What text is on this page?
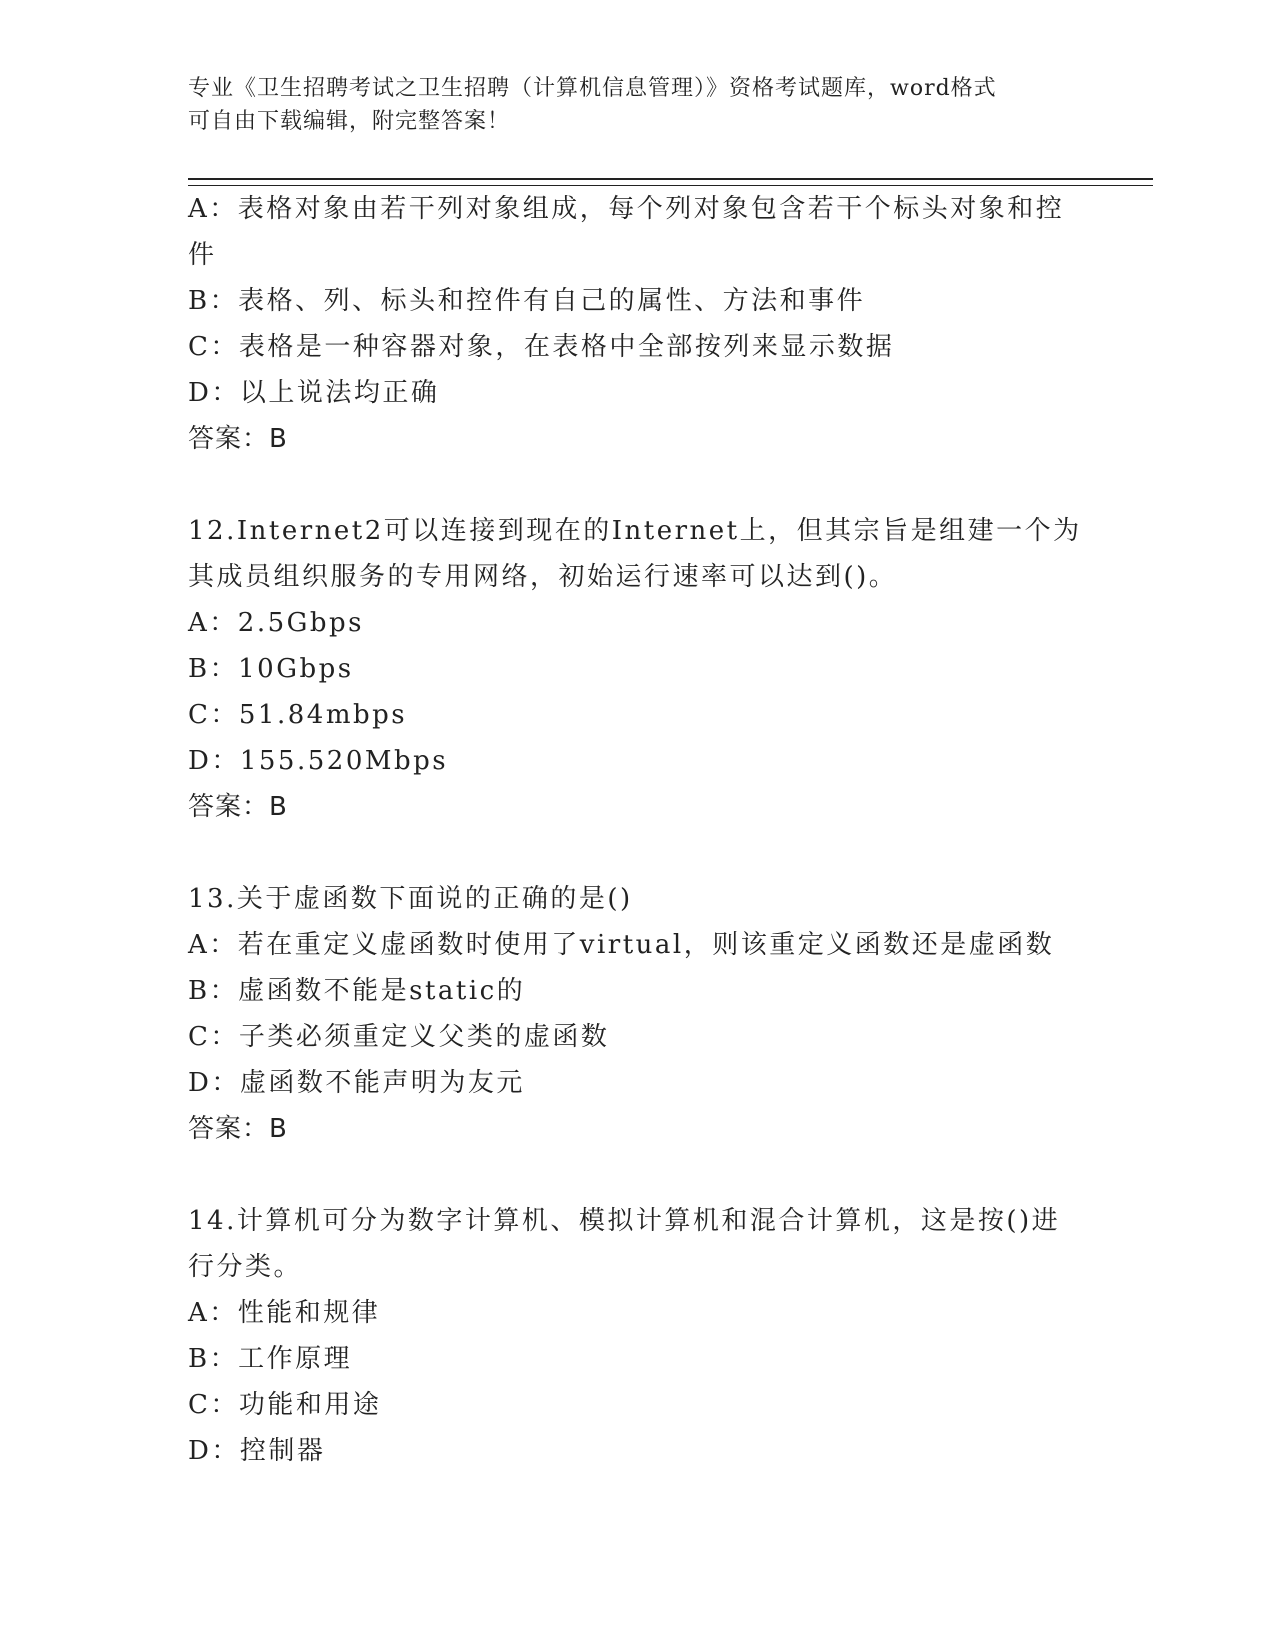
专业《卫生招聘考试之卫生招聘（计算机信息管理）》资格考试题库，word格式
可自由下载编辑，附完整答案！
A：表格对象由若干列对象组成，每个列对象包含若干个标头对象和控
件
B：表格、列、标头和控件有自己的属性、方法和事件
C：表格是一种容器对象，在表格中全部按列来显示数据
D：以上说法均正确
答案：B
12.Internet2可以连接到现在的Internet上，但其宗旨是组建一个为
其成员组织服务的专用网络，初始运行速率可以达到()。
A：2.5Gbps
B：10Gbps
C：51.84mbps
D：155.520Mbps
答案：B
13.关于虚函数下面说的正确的是()
A：若在重定义虚函数时使用了virtual，则该重定义函数还是虚函数
B：虚函数不能是static的
C：子类必须重定义父类的虚函数
D：虚函数不能声明为友元
答案：B
14.计算机可分为数字计算机、模拟计算机和混合计算机，这是按()进
行分类。
A：性能和规律
B：工作原理
C：功能和用途
D：控制器
